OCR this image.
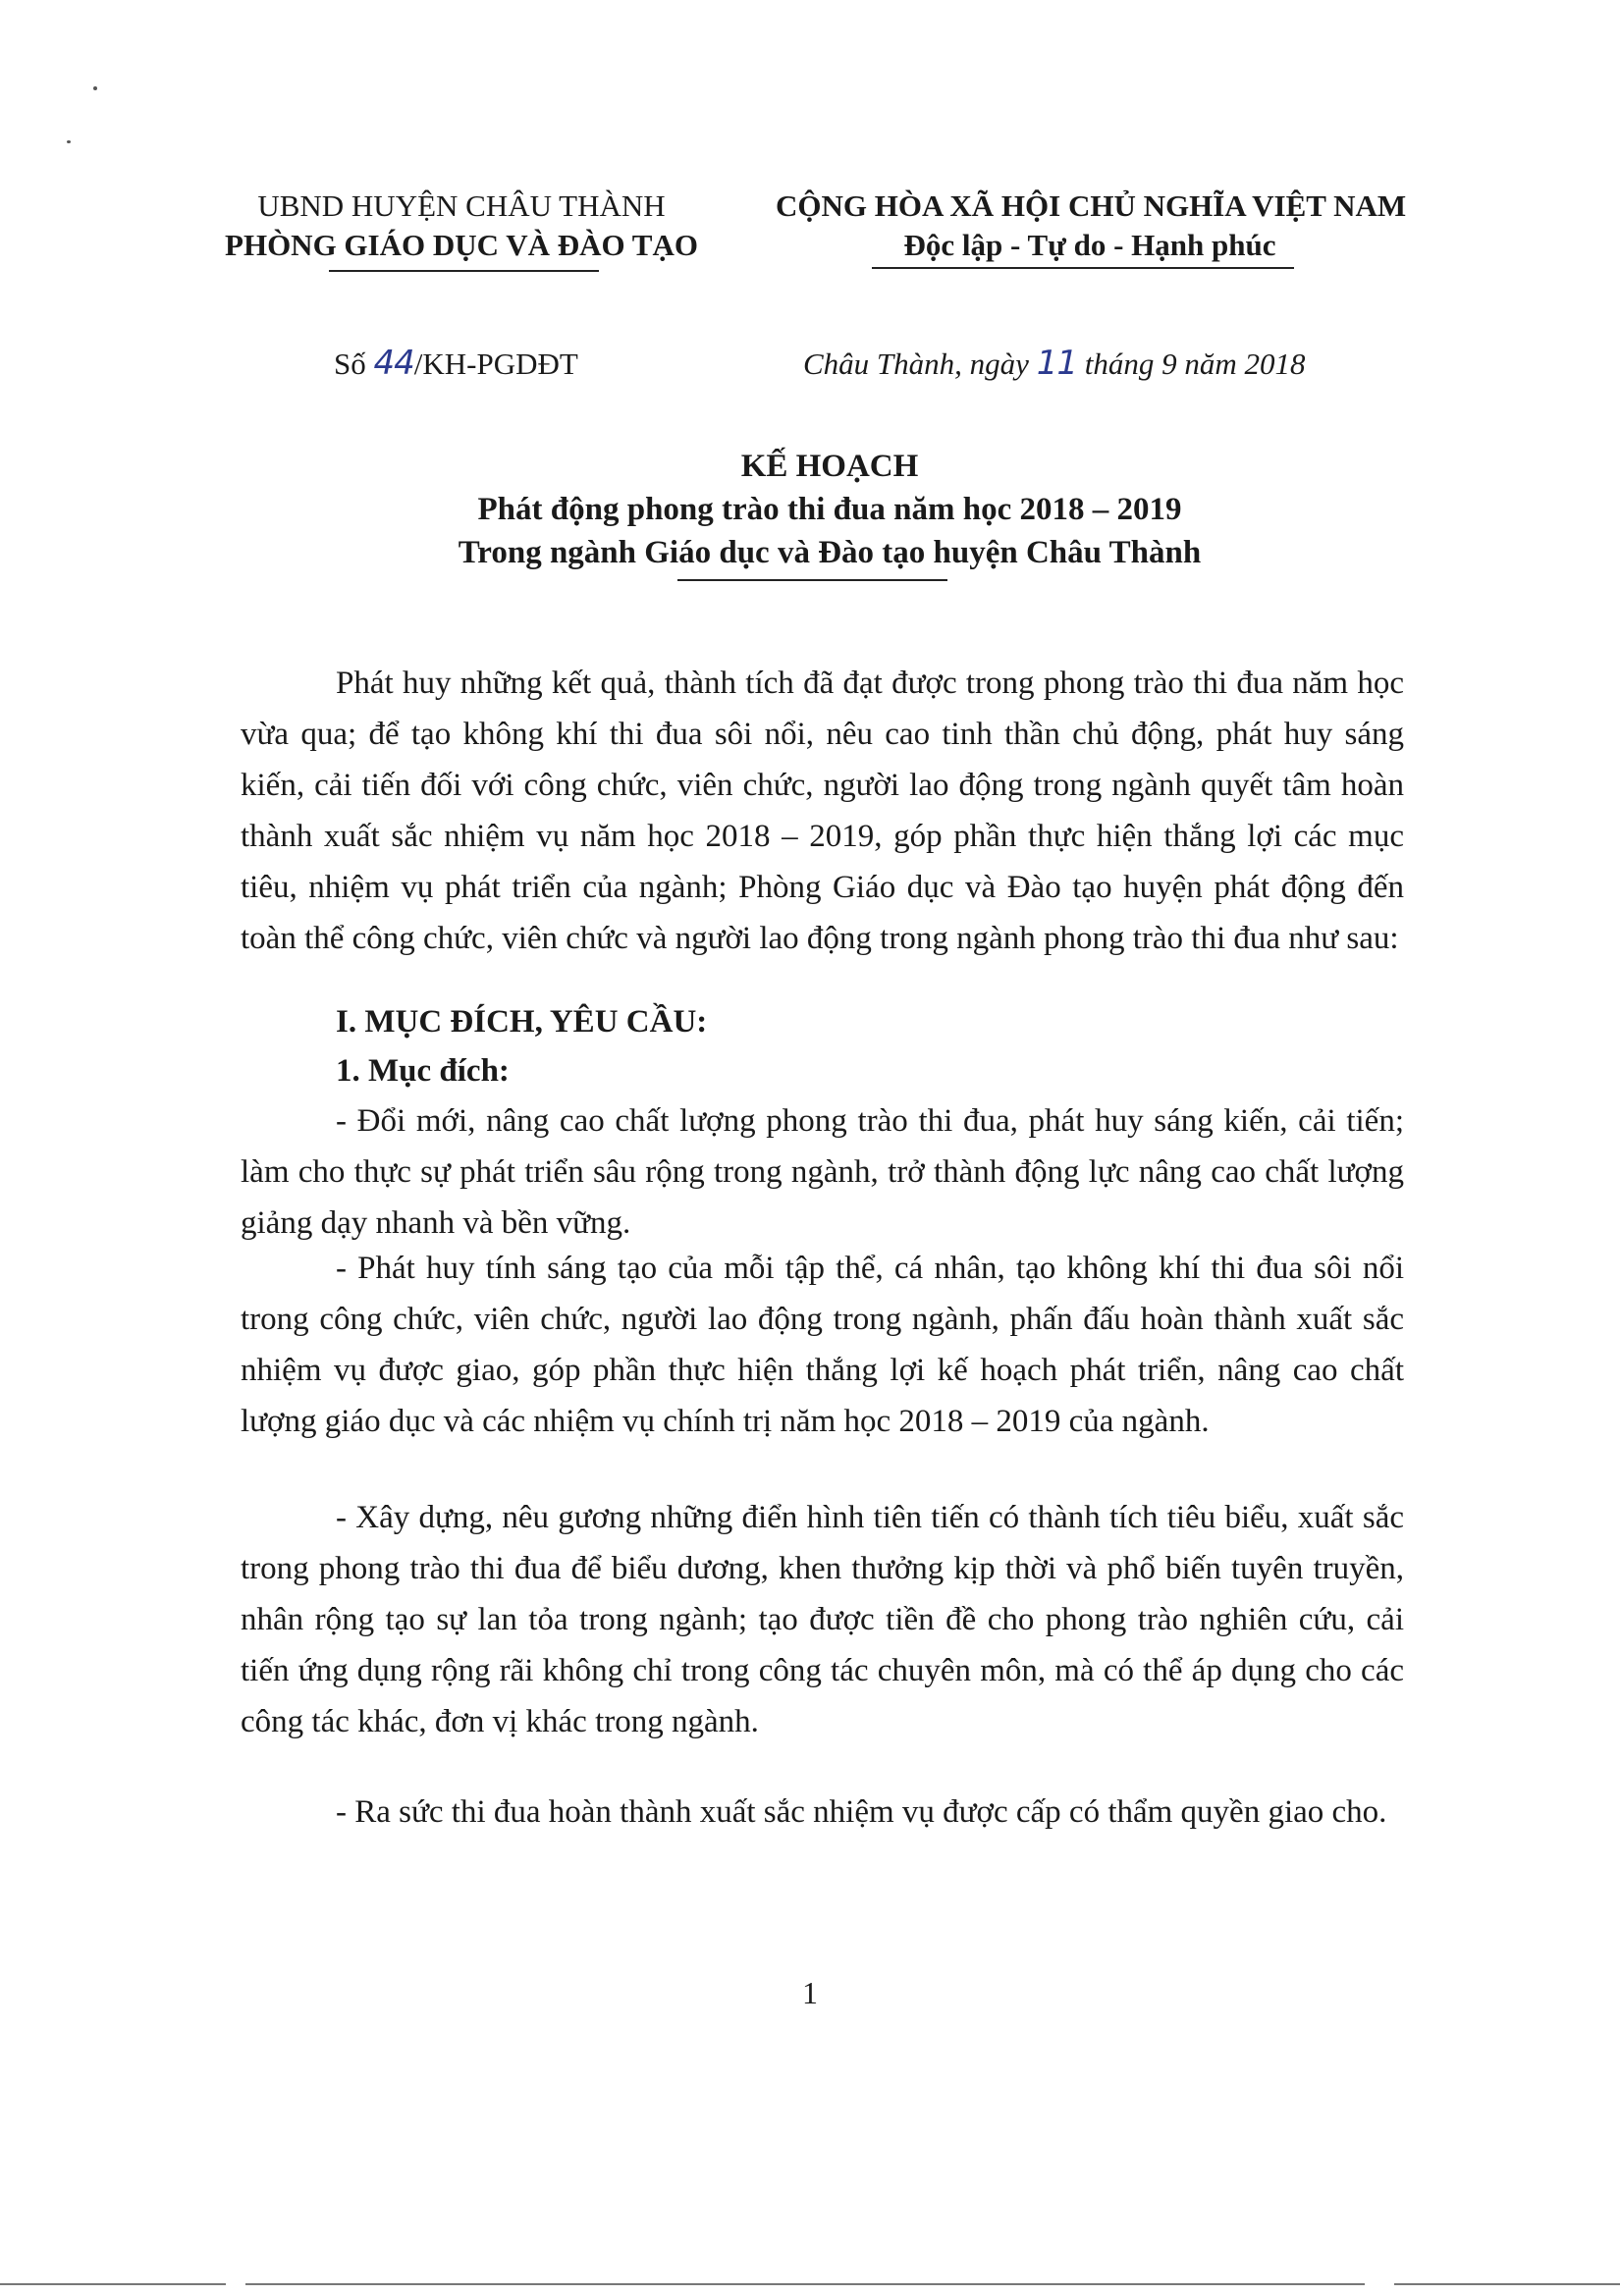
UBND HUYỆN CHÂU THÀNH
PHÒNG GIÁO DỤC VÀ ĐÀO TẠO
CỘNG HÒA XÃ HỘI CHỦ NGHĨA VIỆT NAM
Độc lập - Tự do - Hạnh phúc
Số 44/KH-PGDĐT	Châu Thành, ngày 11 tháng 9 năm 2018
KẾ HOẠCH
Phát động phong trào thi đua năm học 2018 – 2019
Trong ngành Giáo dục và Đào tạo huyện Châu Thành
Phát huy những kết quả, thành tích đã đạt được trong phong trào thi đua năm học vừa qua; để tạo không khí thi đua sôi nổi, nêu cao tinh thần chủ động, phát huy sáng kiến, cải tiến đối với công chức, viên chức, người lao động trong ngành quyết tâm hoàn thành xuất sắc nhiệm vụ năm học 2018 – 2019, góp phần thực hiện thắng lợi các mục tiêu, nhiệm vụ phát triển của ngành; Phòng Giáo dục và Đào tạo huyện phát động đến toàn thể công chức, viên chức và người lao động trong ngành phong trào thi đua như sau:
I. MỤC ĐÍCH, YÊU CẦU:
1. Mục đích:
- Đổi mới, nâng cao chất lượng phong trào thi đua, phát huy sáng kiến, cải tiến; làm cho thực sự phát triển sâu rộng trong ngành, trở thành động lực nâng cao chất lượng giảng dạy nhanh và bền vững.
- Phát huy tính sáng tạo của mỗi tập thể, cá nhân, tạo không khí thi đua sôi nổi trong công chức, viên chức, người lao động trong ngành, phấn đấu hoàn thành xuất sắc nhiệm vụ được giao, góp phần thực hiện thắng lợi kế hoạch phát triển, nâng cao chất lượng giáo dục và các nhiệm vụ chính trị năm học 2018 – 2019 của ngành.
- Xây dựng, nêu gương những điển hình tiên tiến có thành tích tiêu biểu, xuất sắc trong phong trào thi đua để biểu dương, khen thưởng kịp thời và phổ biến tuyên truyền, nhân rộng tạo sự lan tỏa trong ngành; tạo được tiền đề cho phong trào nghiên cứu, cải tiến ứng dụng rộng rãi không chỉ trong công tác chuyên môn, mà có thể áp dụng cho các công tác khác, đơn vị khác trong ngành.
- Ra sức thi đua hoàn thành xuất sắc nhiệm vụ được cấp có thẩm quyền giao cho.
1
